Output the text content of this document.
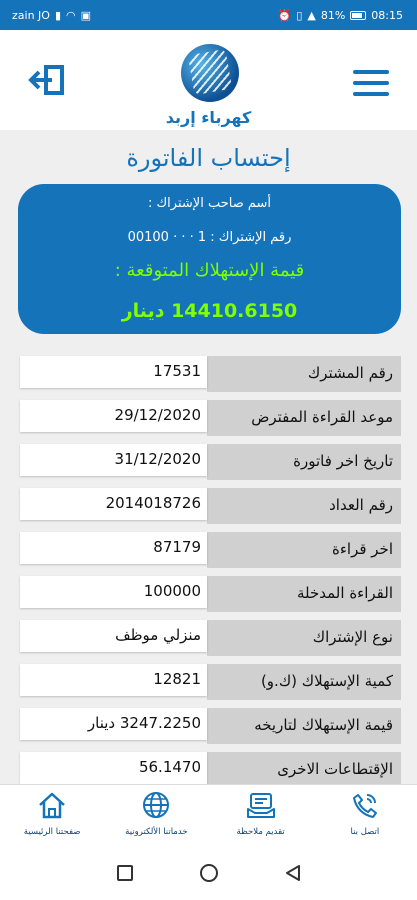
zain JO ▮ ◠ ▣	⏰ ▯ ▲ 81% 08:15
كهرباء إربد
إحتساب الفاتورة
أسم صاحب الإشتراك :
رقم الإشتراك : 1 · · · 00100
قيمة الإستهلاك المتوقعة :
14410.6150 دينار
رقم المشترك
17531
موعد القراءة المفترض
29/12/2020
تاريخ اخر فاتورة
31/12/2020
رقم العداد
2014018726
اخر قراءة
87179
القراءة المدخلة
100000
نوع الإشتراك
منزلي موظف
كمية الإستهلاك (ك.و)
12821
قيمة الإستهلاك لتاريخه
3247.2250 دينار
الإقتطاعات الاخرى
56.1470
اتصل بنا
تقديم ملاحظة
خدماتنا الألكترونية
صفحتنا الرئيسية
